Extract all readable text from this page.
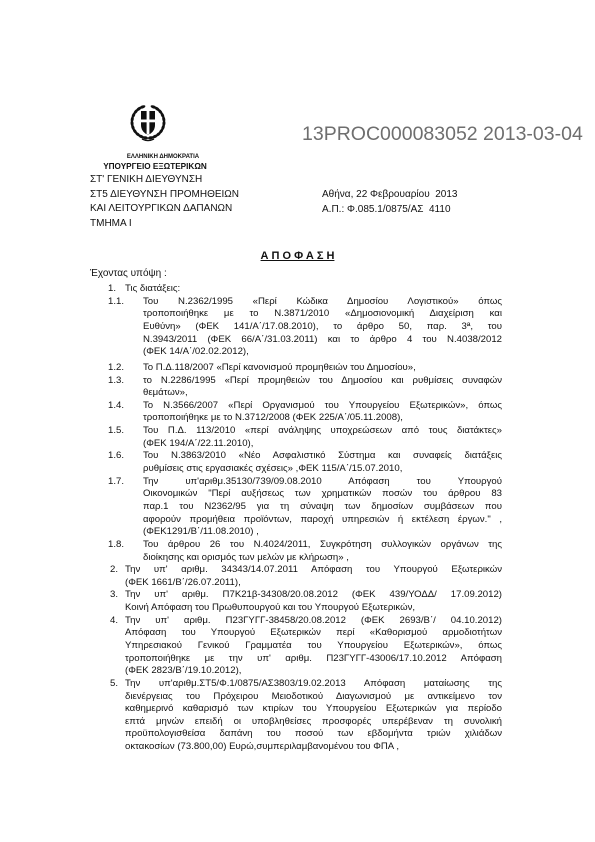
13PROC000083052 2013-03-04
ΕΛΛΗΝΙΚΗ ΔΗΜΟΚΡΑΤΙΑ
ΥΠΟΥΡΓΕΙΟ ΕΞΩΤΕΡΙΚΩΝ
ΣΤ' ΓΕΝΙΚΗ ΔΙΕΥΘΥΝΣΗ
ΣΤ5 ΔΙΕΥΘΥΝΣΗ ΠΡΟΜΗΘΕΙΩΝ
ΚΑΙ ΛΕΙΤΟΥΡΓΙΚΩΝ ΔΑΠΑΝΩΝ
ΤΜΗΜΑ Ι
Αθήνα, 22 Φεβρουαρίου  2013
Α.Π.: Φ.085.1/0875/ΑΣ  4110
Α Π Ο Φ Α Σ Η
Έχοντας υπόψη :
1. Τις διατάξεις:
1.1. Του Ν.2362/1995 «Περί Κώδικα Δημοσίου Λογιστικού» όπως
τροποποιήθηκε με το Ν.3871/2010 «Δημοσιονομική Διαχείριση και
Ευθύνη» (ΦΕΚ 141/Α΄/17.08.2010), το άρθρο 50, παρ. 3ª, του
Ν.3943/2011 (ΦΕΚ 66/Α΄/31.03.2011) και το άρθρο 4 του Ν.4038/2012
(ΦΕΚ 14/Α΄/02.02.2012),
1.2. Το Π.Δ.118/2007 «Περί κανονισμού προμηθειών του Δημοσίου»,
1.3. το Ν.2286/1995 «Περί προμηθειών του Δημοσίου και ρυθμίσεις συναφών
θεμάτων»,
1.4. Το Ν.3566/2007 «Περί Οργανισμού του Υπουργείου Εξωτερικών», όπως
τροποποιήθηκε με το Ν.3712/2008 (ΦΕΚ 225/Α΄/05.11.2008),
1.5. Του Π.Δ. 113/2010 «περί ανάληψης υποχρεώσεων από τους διατάκτες»
(ΦΕΚ 194/Α΄/22.11.2010),
1.6. Του Ν.3863/2010 «Νέο Ασφαλιστικό Σύστημα και συναφείς διατάξεις
ρυθμίσεις στις εργασιακές σχέσεις» ,ΦΕΚ 115/Α΄/15.07.2010,
1.7. Την υπ'αριθμ.35130/739/09.08.2010 Απόφαση του Υπουργού
Οικονομικών "Περί αυξήσεως των χρηματικών ποσών του άρθρου 83
παρ.1 του Ν2362/95 για τη σύναψη των δημοσίων συμβάσεων που
αφορούν προμήθεια προϊόντων, παροχή υπηρεσιών ή εκτέλεση έργων." ,
(ΦΕΚ1291/Β΄/11.08.2010) ,
1.8. Του άρθρου 26 του Ν.4024/2011, Συγκρότηση συλλογικών οργάνων της
διοίκησης και ορισμός των μελών με κλήρωση» ,
2. Την υπ' αριθμ. 34343/14.07.2011 Απόφαση του Υπουργού Εξωτερικών
(ΦΕΚ 1661/Β΄/26.07.2011),
3. Την υπ' αριθμ. Π7Κ21β-34308/20.08.2012 (ΦΕΚ 439/ΥΟΔΔ/ 17.09.2012)
Κοινή Απόφαση του Πρωθυπουργού και του Υπουργού Εξωτερικών,
4. Την υπ' αριθμ. Π23ΓΥΓΓ-38458/20.08.2012 (ΦΕΚ 2693/Β΄/ 04.10.2012)
Απόφαση του Υπουργού Εξωτερικών περί «Καθορισμού αρμοδιοτήτων
Υπηρεσιακού Γενικού Γραμματέα του Υπουργείου Εξωτερικών», όπως
τροποποιήθηκε με την υπ' αριθμ. Π23ΓΥΓΓ-43006/17.10.2012 Απόφαση
(ΦΕΚ 2823/Β΄/19.10.2012),
5. Την υπ'αριθμ.ΣΤ5/Φ.1/0875/ΑΣ3803/19.02.2013 Απόφαση ματαίωσης της
διενέργειας του Πρόχειρου Μειοδοτικού Διαγωνισμού με αντικείμενο τον
καθημερινό καθαρισμό των κτιρίων του Υπουργείου Εξωτερικών για περίοδο
επτά μηνών επειδή οι υποβληθείσες προσφορές υπερέβεναν τη συνολική
προϋπολογισθείσα δαπάνη του ποσού των εβδομήντα τριών χιλιάδων
οκτακοσίων (73.800,00) Ευρώ,συμπεριλαμβανομένου του ΦΠΑ ,
